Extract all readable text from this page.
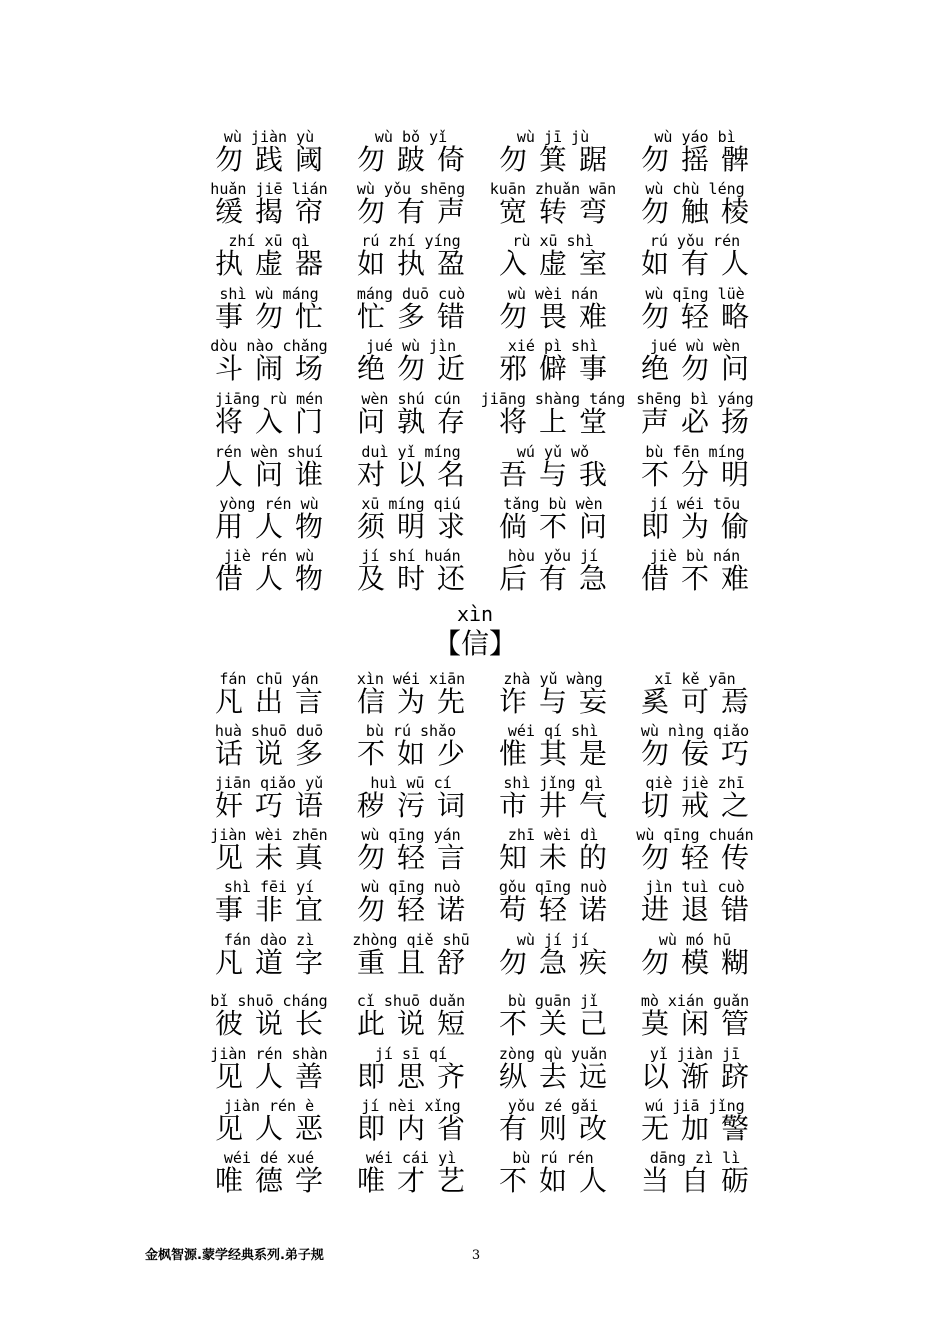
wù jiàn yù
勿践阈
wù bǒ yǐ
勿跛倚
wù jī jù
勿箕踞
wù yáo bì
勿摇髀
huǎn jiē lián
缓揭帘
wù yǒu shēng
勿有声
kuān zhuǎn wān
宽转弯
wù chù léng
勿触棱
zhí xū qì
执虚器
rú zhí yíng
如执盈
rù xū shì
入虚室
rú yǒu rén
如有人
shì wù máng
事勿忙
máng duō cuò
忙多错
wù wèi nán
勿畏难
wù qīng lüè
勿轻略
dòu nào chǎng
斗闹场
jué wù jìn
绝勿近
xié pì shì
邪僻事
jué wù wèn
绝勿问
jiāng rù mén
将入门
wèn shú cún
问孰存
jiāng shàng táng
将上堂
shēng bì yáng
声必扬
rén wèn shuí
人问谁
duì yǐ míng
对以名
wú yǔ wǒ
吾与我
bù fēn míng
不分明
yòng rén wù
用人物
xū míng qiú
须明求
tǎng bù wèn
倘不问
jí wéi tōu
即为偷
jiè rén wù
借人物
jí shí huán
及时还
hòu yǒu jí
后有急
jiè bù nán
借不难
xìn
【信】
fán chū yán
凡出言
xìn wéi xiān
信为先
zhà yǔ wàng
诈与妄
xī kě yān
奚可焉
huà shuō duō
话说多
bù rú shǎo
不如少
wéi qí shì
惟其是
wù nìng qiǎo
勿佞巧
jiān qiǎo yǔ
奸巧语
huì wū cí
秽污词
shì jǐng qì
市井气
qiè jiè zhī
切戒之
jiàn wèi zhēn
见未真
wù qīng yán
勿轻言
zhī wèi dì
知未的
wù qīng chuán
勿轻传
shì fēi yí
事非宜
wù qīng nuò
勿轻诺
gǒu qīng nuò
苟轻诺
jìn tuì cuò
进退错
fán dào zì
凡道字
zhòng qiě shū
重且舒
wù jí jí
勿急疾
wù mó hū
勿模糊
bǐ shuō cháng
彼说长
cǐ shuō duǎn
此说短
bù guān jǐ
不关己
mò xián guǎn
莫闲管
jiàn rén shàn
见人善
jí sī qí
即思齐
zòng qù yuǎn
纵去远
yǐ jiàn jī
以渐跻
jiàn rén è
见人恶
jí nèi xǐng
即内省
yǒu zé gǎi
有则改
wú jiā jǐng
无加警
wéi dé xué
唯德学
wéi cái yì
唯才艺
bù rú rén
不如人
dāng zì lì
当自砺
金枫智源.蒙学经典系列.弟子规	3
